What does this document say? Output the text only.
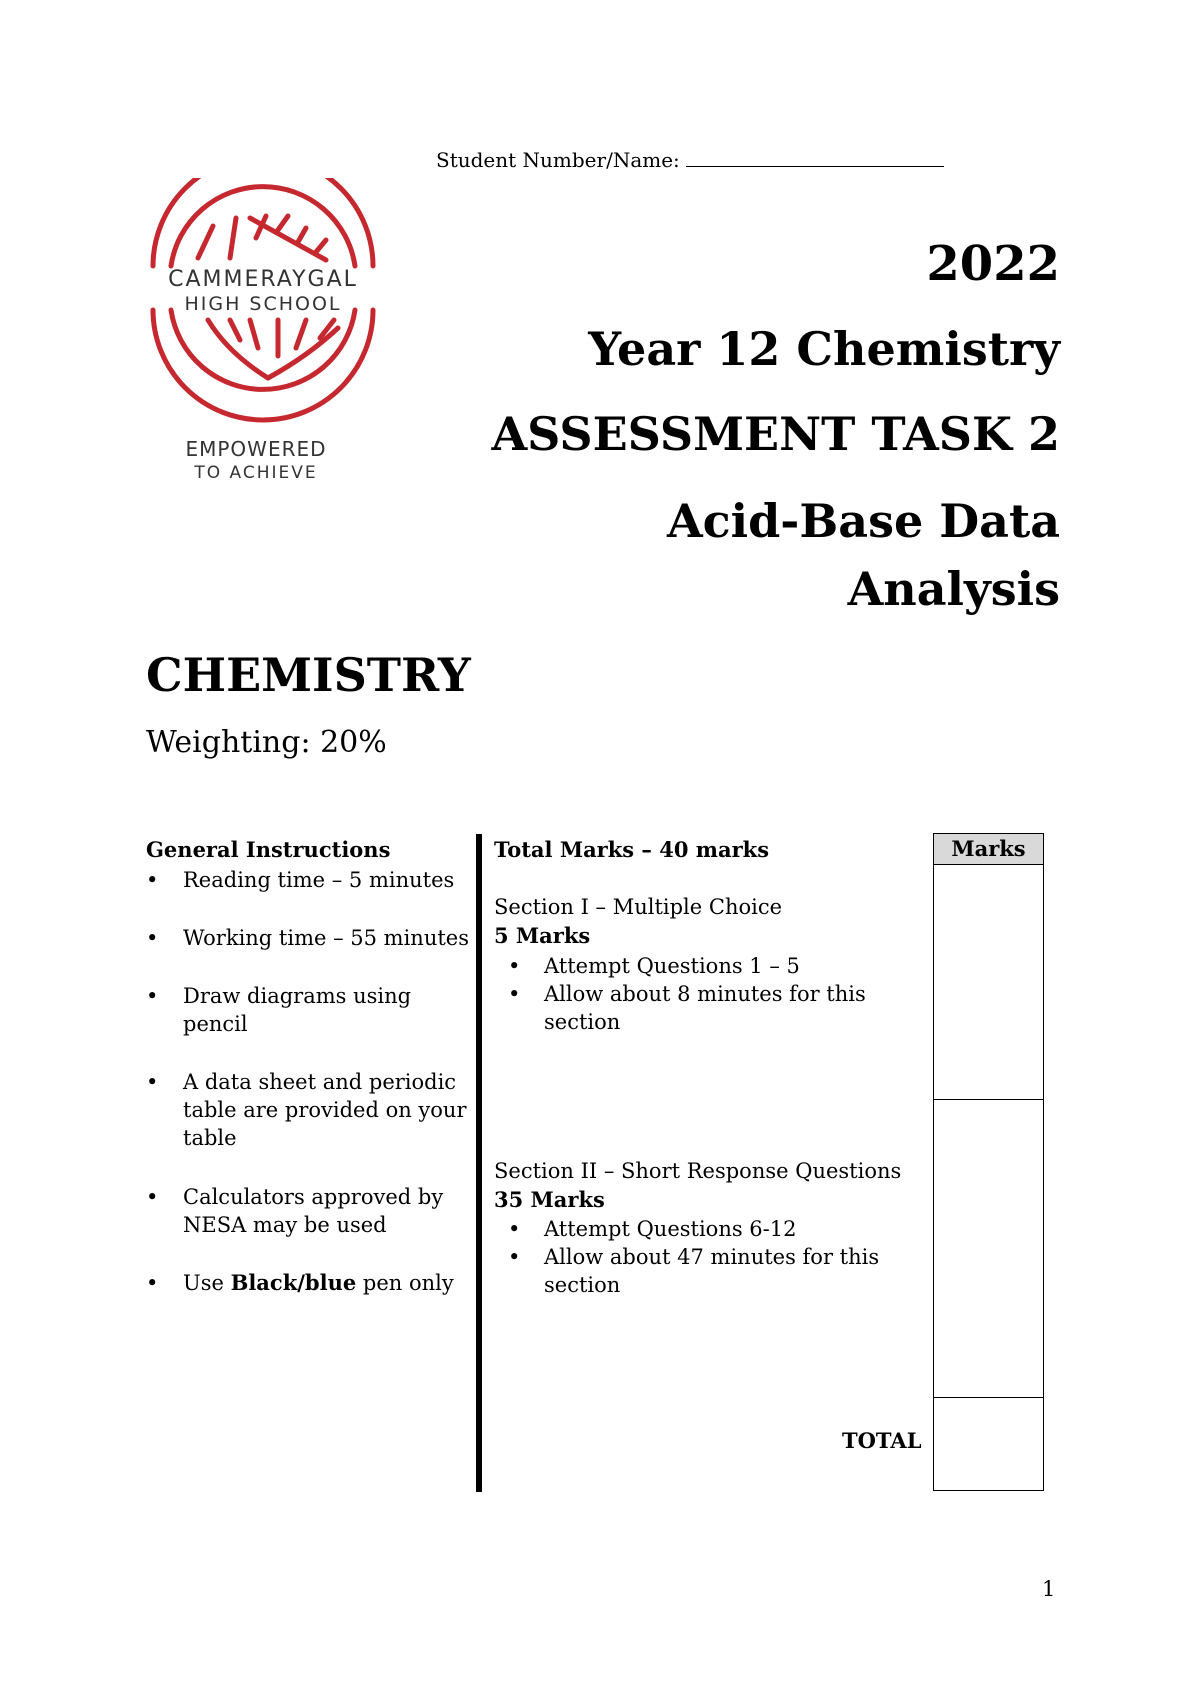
Student Number/Name:
CAMMERAYGAL
HIGH SCHOOL
EMPOWERED
TO ACHIEVE
2022
Year 12 Chemistry
ASSESSMENT TASK 2
Acid-Base Data
Analysis
CHEMISTRY
Weighting: 20%
General Instructions
• Reading time – 5 minutes
• Working time – 55 minutes
• Draw diagrams using pencil
• A data sheet and periodic table are provided on your table
• Calculators approved by NESA may be used
• Use Black/blue pen only
Total Marks – 40 marks
Section I – Multiple Choice
5 Marks
• Attempt Questions 1 – 5
• Allow about 8 minutes for this section
Section II – Short Response Questions
35 Marks
• Attempt Questions 6-12
• Allow about 47 minutes for this section
TOTAL
Marks
1
